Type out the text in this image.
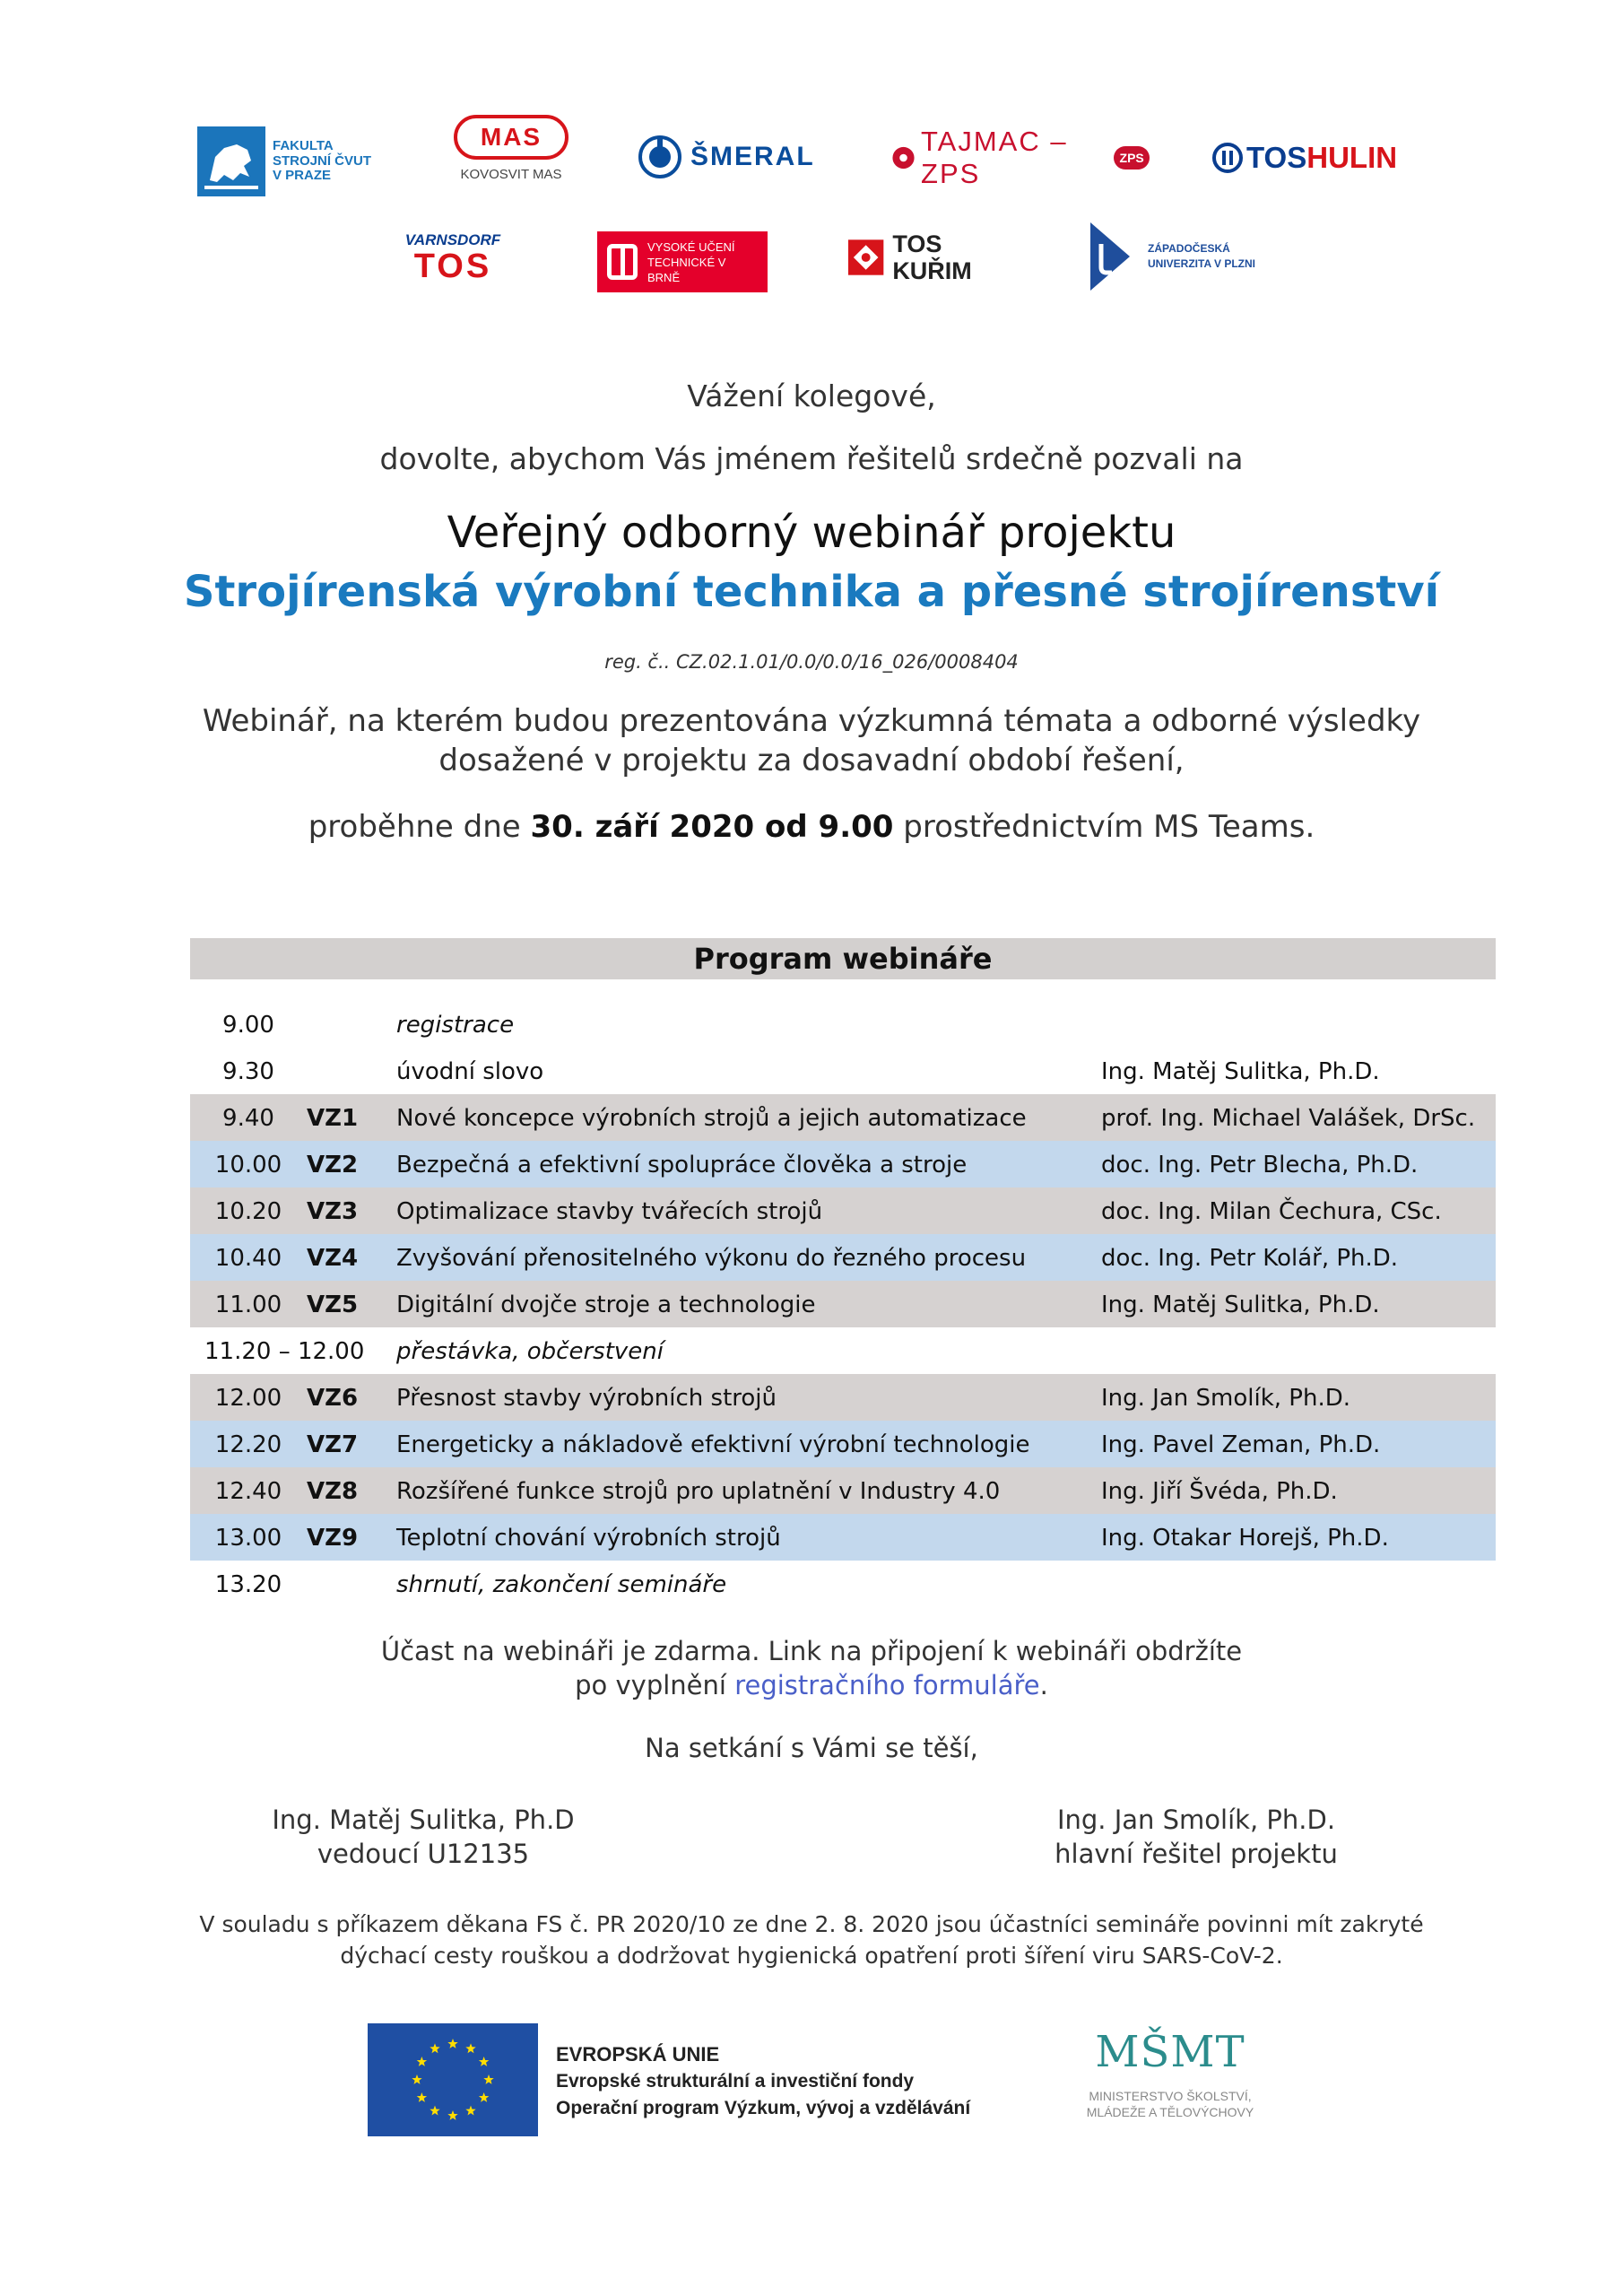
FAKULTA STROJNÍ ČVUT V PRAZE
MAS
KOVOSVIT MAS
ŠMERAL	TAJMAC – ZPS	ZPS	TOSHULIN
VARNSDORF
TOS
VYSOKÉ UČENÍ TECHNICKÉ V BRNĚ
TOS KUŘIM
ZÁPADOČESKÁ UNIVERZITA V PLZNI
Vážení kolegové,
dovolte, abychom Vás jménem řešitelů srdečně pozvali na
Veřejný odborný webinář projektu
Strojírenská výrobní technika a přesné strojírenství
reg. č.. CZ.02.1.01/0.0/0.0/16_026/0008404
Webinář, na kterém budou prezentována výzkumná témata a odborné výsledky
dosažené v projektu za dosavadní období řešení,
proběhne dne 30. září 2020 od 9.00 prostřednictvím MS Teams.
Program webináře
9.00	registrace
9.30	úvodní slovo	Ing. Matěj Sulitka, Ph.D.
9.40	VZ1 Nové koncepce výrobních strojů a jejich automatizace	prof. Ing. Michael Valášek, DrSc.
10.00	VZ2 Bezpečná a efektivní spolupráce člověka a stroje	doc. Ing. Petr Blecha, Ph.D.
10.20	VZ3 Optimalizace stavby tvářecích strojů	doc. Ing. Milan Čechura, CSc.
10.40	VZ4 Zvyšování přenositelného výkonu do řezného procesu	doc. Ing. Petr Kolář, Ph.D.
11.00	VZ5 Digitální dvojče stroje a technologie	Ing. Matěj Sulitka, Ph.D.
11.20 – 12.00 přestávka, občerstvení
12.00	VZ6 Přesnost stavby výrobních strojů	Ing. Jan Smolík, Ph.D.
12.20	VZ7 Energeticky a nákladově efektivní výrobní technologie	Ing. Pavel Zeman, Ph.D.
12.40	VZ8 Rozšířené funkce strojů pro uplatnění v Industry 4.0	Ing. Jiří Švéda, Ph.D.
13.00	VZ9 Teplotní chování výrobních strojů	Ing. Otakar Horejš, Ph.D.
13.20	shrnutí, zakončení semináře
Účast na webináři je zdarma. Link na připojení k webináři obdržíte
po vyplnění registračního formuláře.
Na setkání s Vámi se těší,
Ing. Matěj Sulitka, Ph.D
vedoucí U12135
Ing. Jan Smolík, Ph.D.
hlavní řešitel projektu
V souladu s příkazem děkana FS č. PR 2020/10 ze dne 2. 8. 2020 jsou účastníci semináře povinni mít zakryté
dýchací cesty rouškou a dodržovat hygienická opatření proti šíření viru SARS-CoV-2.
EVROPSKÁ UNIE
Evropské strukturální a investiční fondy
Operační program Výzkum, vývoj a vzdělávání
MŠMT
MINISTERSTVO ŠKOLSTVÍ, MLÁDEŽE A TĚLOVÝCHOVY
